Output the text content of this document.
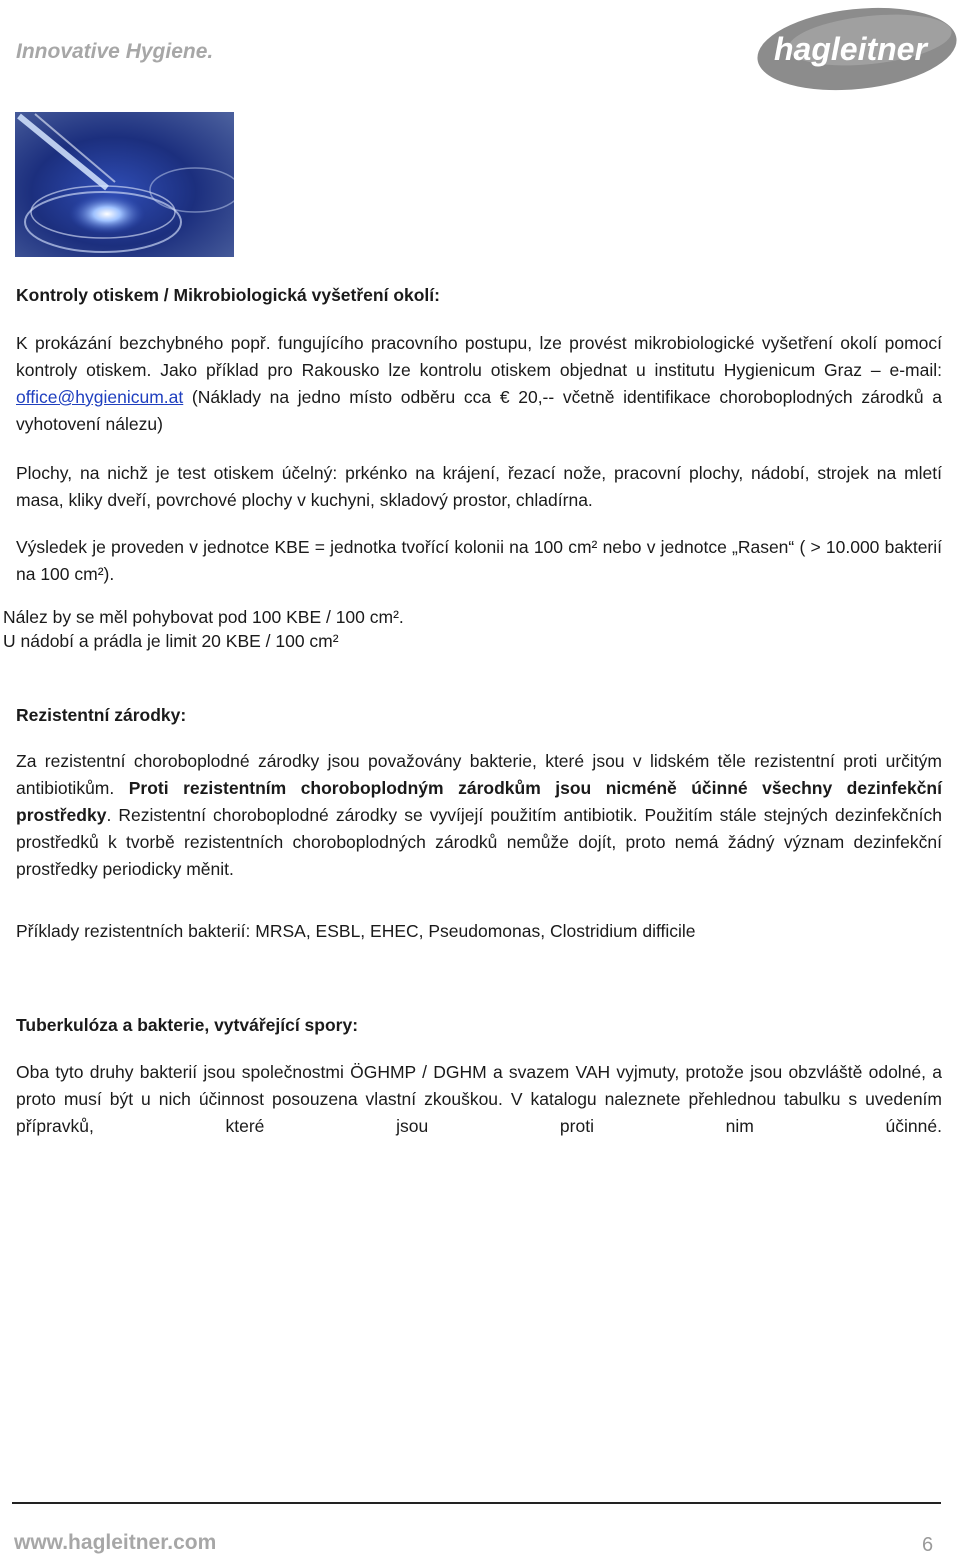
Innovative Hygiene.	hagleitner
Kontroly otiskem / Mikrobiologická vyšetření okolí:
K prokázání bezchybného popř. fungujícího pracovního postupu, lze provést mikrobiologické vyšetření okolí pomocí kontroly otiskem. Jako příklad pro Rakousko lze kontrolu otiskem objednat u institutu Hygienicum Graz – e-mail: office@hygienicum.at (Náklady na jedno místo odběru cca € 20,-- včetně identifikace choroboplodných zárodků a vyhotovení nálezu)
Plochy, na nichž je test otiskem účelný: prkénko na krájení, řezací nože, pracovní plochy, nádobí, strojek na mletí masa, kliky dveří, povrchové plochy v kuchyni, skladový prostor, chladírna.
Výsledek je proveden v jednotce KBE = jednotka tvořící kolonii na 100 cm² nebo v jednotce „Rasen“ ( > 10.000 bakterií na 100 cm²).
Nález by se měl pohybovat pod 100 KBE / 100 cm².
U nádobí a prádla je limit 20 KBE / 100 cm²
Rezistentní zárodky:
Za rezistentní choroboplodné zárodky jsou považovány bakterie, které jsou v lidském těle rezistentní proti určitým antibiotikům. Proti rezistentním choroboplodným zárodkům jsou nicméně účinné všechny dezinfekční prostředky. Rezistentní choroboplodné zárodky se vyvíjejí použitím antibiotik. Použitím stále stejných dezinfekčních prostředků k tvorbě rezistentních choroboplodných zárodků nemůže dojít, proto nemá žádný význam dezinfekční prostředky periodicky měnit.
Příklady rezistentních bakterií: MRSA, ESBL, EHEC, Pseudomonas, Clostridium difficile
Tuberkulóza a bakterie, vytvářející spory:
Oba tyto druhy bakterií jsou společnostmi ÖGHMP / DGHM a svazem VAH vyjmuty, protože jsou obzvláště odolné, a proto musí být u nich účinnost posouzena vlastní zkouškou. V katalogu naleznete přehlednou tabulku s uvedením přípravků, které jsou proti nim účinné.
www.hagleitner.com	6
